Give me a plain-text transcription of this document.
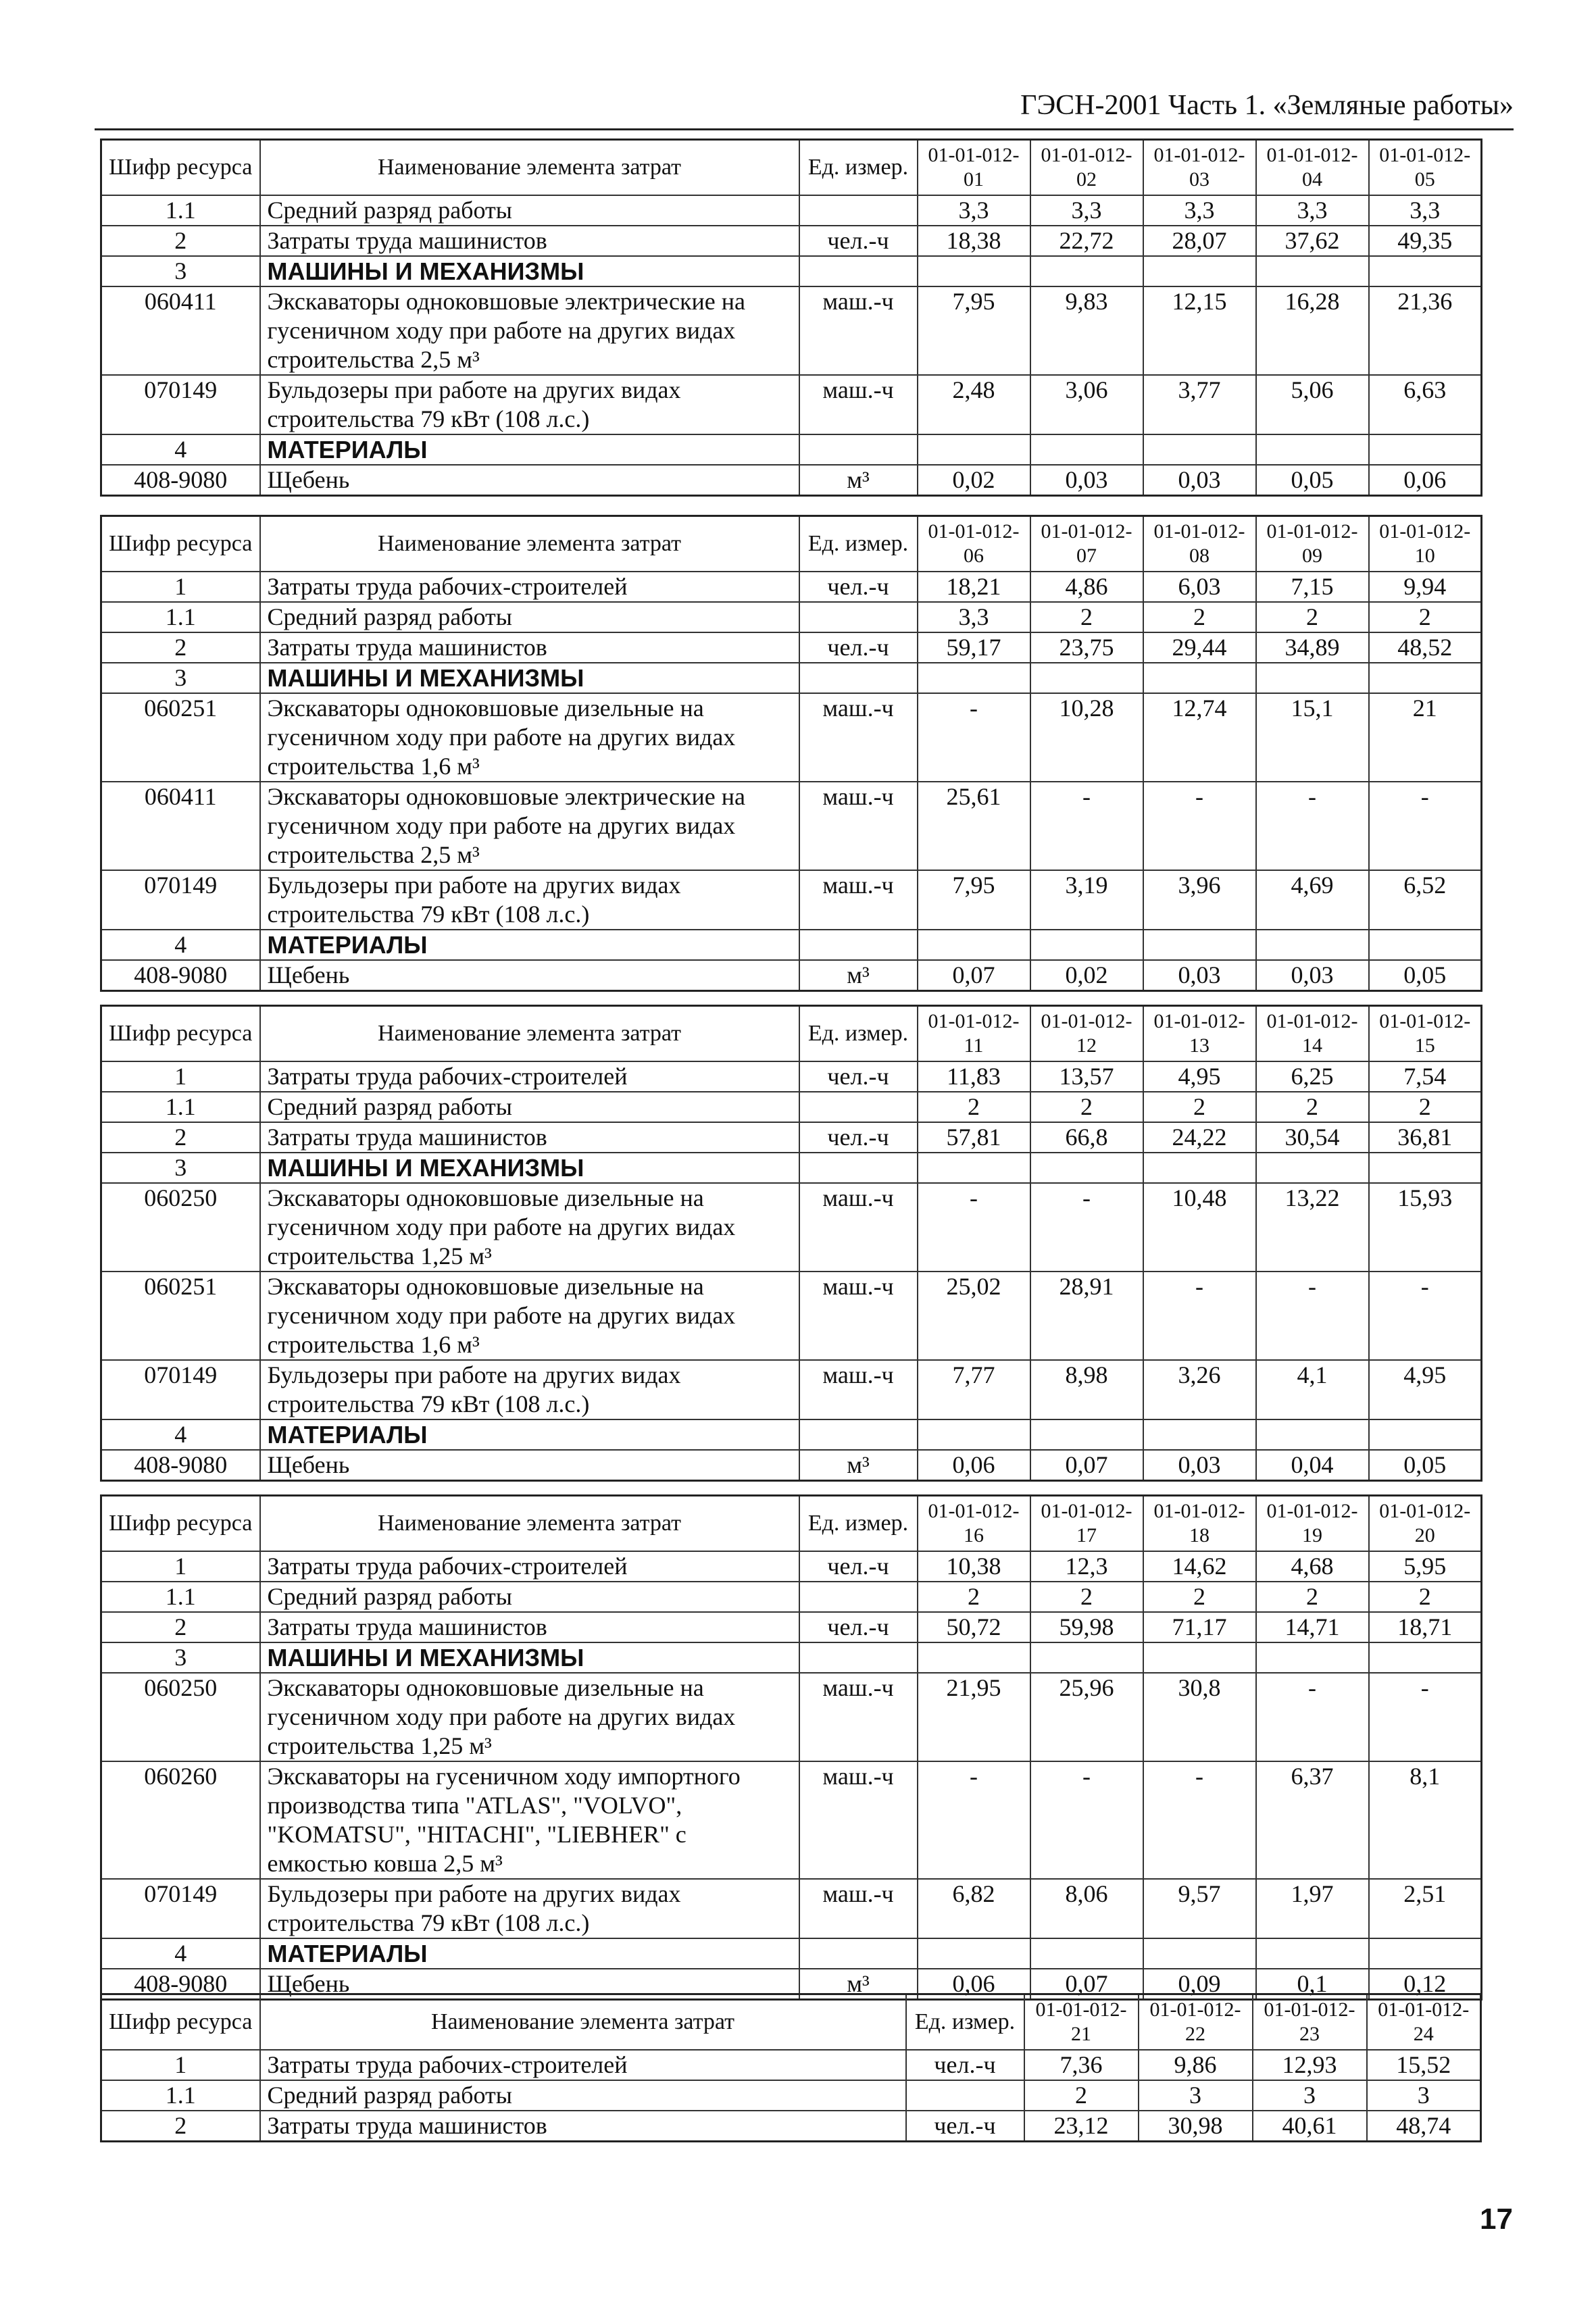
ГЭСН-2001 Часть 1. «Земляные работы»
Шифр ресурса	Наименование элемента затрат	Ед. измер.	01-01-012-01	01-01-012-02	01-01-012-03	01-01-012-04	01-01-012-05
1.1	Средний разряд работы		3,3	3,3	3,3	3,3	3,3
2	Затраты труда машинистов	чел.-ч	18,38	22,72	28,07	37,62	49,35
3	МАШИНЫ И МЕХАНИЗМЫ						
060411	Экскаваторы одноковшовые электрические на гусеничном ходу при работе на других видах строительства 2,5 м³	маш.-ч	7,95	9,83	12,15	16,28	21,36
070149	Бульдозеры при работе на других видах строительства 79 кВт (108 л.с.)	маш.-ч	2,48	3,06	3,77	5,06	6,63
4	МАТЕРИАЛЫ						
408-9080	Щебень	м³	0,02	0,03	0,03	0,05	0,06
Шифр ресурса	Наименование элемента затрат	Ед. измер.	01-01-012-06	01-01-012-07	01-01-012-08	01-01-012-09	01-01-012-10
1	Затраты труда рабочих-строителей	чел.-ч	18,21	4,86	6,03	7,15	9,94
1.1	Средний разряд работы		3,3	2	2	2	2
2	Затраты труда машинистов	чел.-ч	59,17	23,75	29,44	34,89	48,52
3	МАШИНЫ И МЕХАНИЗМЫ						
060251	Экскаваторы одноковшовые дизельные на гусеничном ходу при работе на других видах строительства 1,6 м³	маш.-ч	-	10,28	12,74	15,1	21
060411	Экскаваторы одноковшовые электрические на гусеничном ходу при работе на других видах строительства 2,5 м³	маш.-ч	25,61	-	-	-	-
070149	Бульдозеры при работе на других видах строительства 79 кВт (108 л.с.)	маш.-ч	7,95	3,19	3,96	4,69	6,52
4	МАТЕРИАЛЫ						
408-9080	Щебень	м³	0,07	0,02	0,03	0,03	0,05
Шифр ресурса	Наименование элемента затрат	Ед. измер.	01-01-012-11	01-01-012-12	01-01-012-13	01-01-012-14	01-01-012-15
1	Затраты труда рабочих-строителей	чел.-ч	11,83	13,57	4,95	6,25	7,54
1.1	Средний разряд работы		2	2	2	2	2
2	Затраты труда машинистов	чел.-ч	57,81	66,8	24,22	30,54	36,81
3	МАШИНЫ И МЕХАНИЗМЫ						
060250	Экскаваторы одноковшовые дизельные на гусеничном ходу при работе на других видах строительства 1,25 м³	маш.-ч	-	-	10,48	13,22	15,93
060251	Экскаваторы одноковшовые дизельные на гусеничном ходу при работе на других видах строительства 1,6 м³	маш.-ч	25,02	28,91	-	-	-
070149	Бульдозеры при работе на других видах строительства 79 кВт (108 л.с.)	маш.-ч	7,77	8,98	3,26	4,1	4,95
4	МАТЕРИАЛЫ						
408-9080	Щебень	м³	0,06	0,07	0,03	0,04	0,05
Шифр ресурса	Наименование элемента затрат	Ед. измер.	01-01-012-16	01-01-012-17	01-01-012-18	01-01-012-19	01-01-012-20
1	Затраты труда рабочих-строителей	чел.-ч	10,38	12,3	14,62	4,68	5,95
1.1	Средний разряд работы		2	2	2	2	2
2	Затраты труда машинистов	чел.-ч	50,72	59,98	71,17	14,71	18,71
3	МАШИНЫ И МЕХАНИЗМЫ						
060250	Экскаваторы одноковшовые дизельные на гусеничном ходу при работе на других видах строительства 1,25 м³	маш.-ч	21,95	25,96	30,8	-	-
060260	Экскаваторы на гусеничном ходу импортного производства типа "ATLAS", "VOLVO", "KOMATSU", "HITACHI", "LIEBHER" с емкостью ковша 2,5 м³	маш.-ч	-	-	-	6,37	8,1
070149	Бульдозеры при работе на других видах строительства 79 кВт (108 л.с.)	маш.-ч	6,82	8,06	9,57	1,97	2,51
4	МАТЕРИАЛЫ						
408-9080	Щебень	м³	0,06	0,07	0,09	0,1	0,12
Шифр ресурса	Наименование элемента затрат	Ед. измер.	01-01-012-21	01-01-012-22	01-01-012-23	01-01-012-24
1	Затраты труда рабочих-строителей	чел.-ч	7,36	9,86	12,93	15,52
1.1	Средний разряд работы		2	3	3	3
2	Затраты труда машинистов	чел.-ч	23,12	30,98	40,61	48,74
17
